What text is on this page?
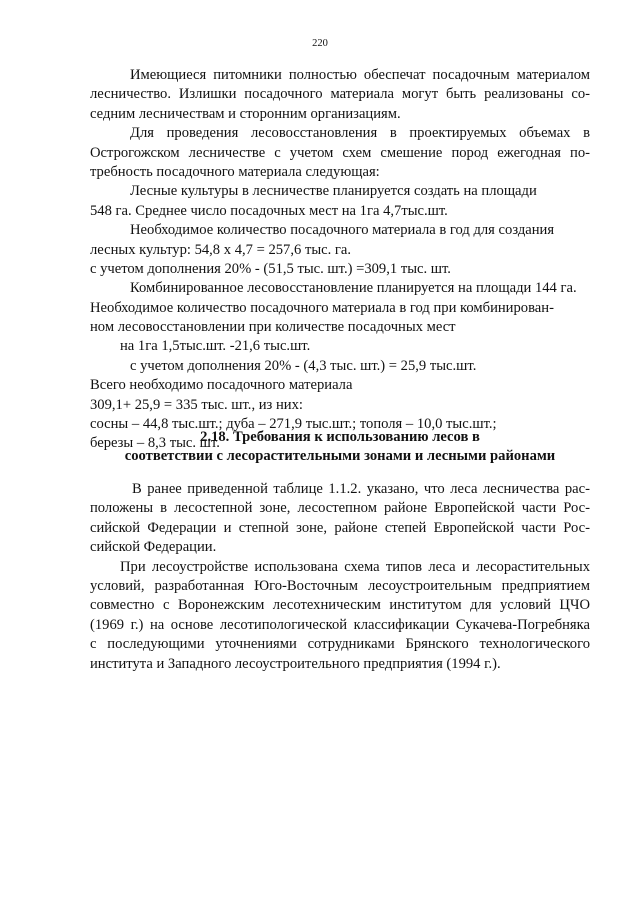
220
Имеющиеся питомники полностью обеспечат посадочным материалом
лесничество. Излишки посадочного материала могут быть реализованы со-
седним лесничествам и сторонним организациям.
Для проведения лесовосстановления в проектируемых объемах в
Острогожском лесничестве с учетом схем смешение пород ежегодная по-
требность посадочного материала следующая:
Лесные культуры в лесничестве планируется создать на площади
548 га. Среднее число посадочных мест на 1га 4,7тыс.шт.
Необходимое количество посадочного материала в год для создания
лесных культур: 54,8 х 4,7 = 257,6 тыс. га.
с учетом дополнения 20% - (51,5 тыс. шт.) =309,1 тыс. шт.
Комбинированное лесовосстановление планируется на площади 144 га.
Необходимое количество посадочного материала в год при комбинирован-
ном лесовосстановлении при количестве посадочных мест
на 1га 1,5тыс.шт. -21,6 тыс.шт.
с учетом дополнения 20% - (4,3 тыс. шт.) = 25,9 тыс.шт.
Всего необходимо посадочного материала
309,1+ 25,9 = 335 тыс. шт., из них:
сосны – 44,8 тыс.шт.; дуба – 271,9 тыс.шт.; тополя – 10,0 тыс.шт.;
березы – 8,3 тыс. шт.
2.18. Требования к использованию лесов в
соответствии с лесорастительными зонами и лесными районами
В ранее приведенной таблице 1.1.2. указано, что леса лесничества рас-
положены в лесостепной зоне, лесостепном районе Европейской части Рос-
сийской Федерации и степной зоне, районе степей Европейской части Рос-
сийской Федерации.
При лесоустройстве использована схема типов леса и лесорастительных
условий, разработанная Юго-Восточным лесоустроительным предприятием
совместно с Воронежским лесотехническим институтом для условий ЦЧО
(1969 г.) на основе лесотипологической классификации Сукачева-Погребняка
с последующими уточнениями сотрудниками Брянского технологического
института и Западного лесоустроительного предприятия (1994 г.).
